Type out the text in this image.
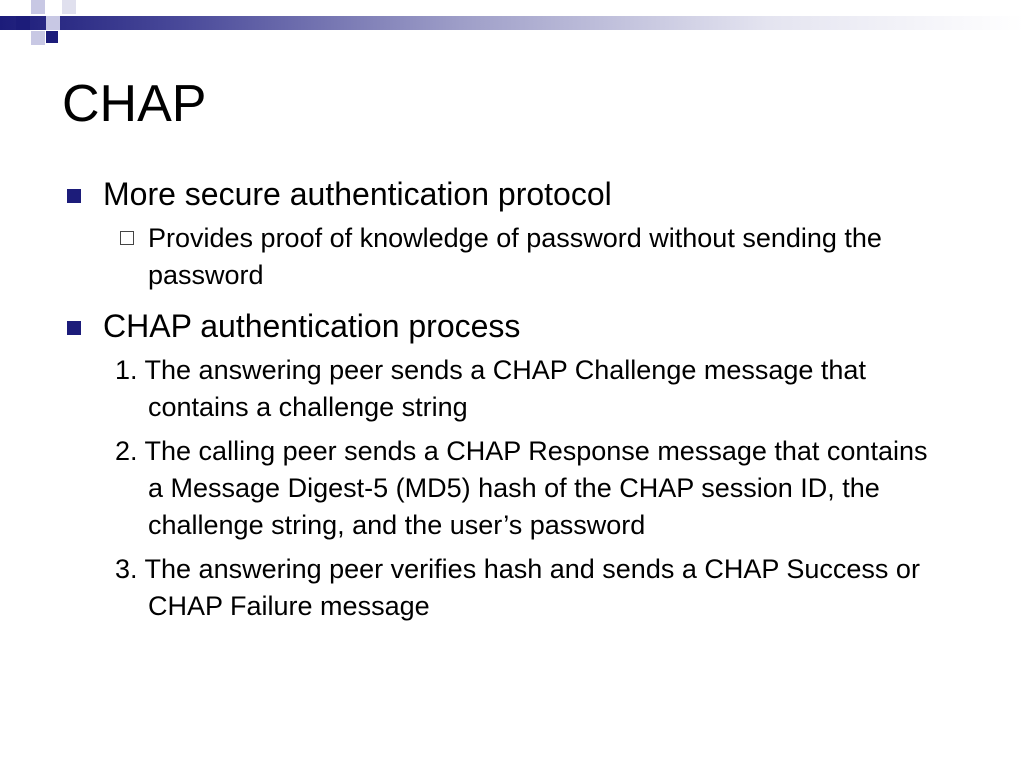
CHAP
More secure authentication protocol
Provides proof of knowledge of password without sending the password
CHAP authentication process
1. The answering peer sends a CHAP Challenge message that contains a challenge string
2. The calling peer sends a CHAP Response message that contains a Message Digest-5 (MD5) hash of the CHAP session ID, the challenge string, and the user’s password
3. The answering peer verifies hash and sends a CHAP Success or CHAP Failure message
